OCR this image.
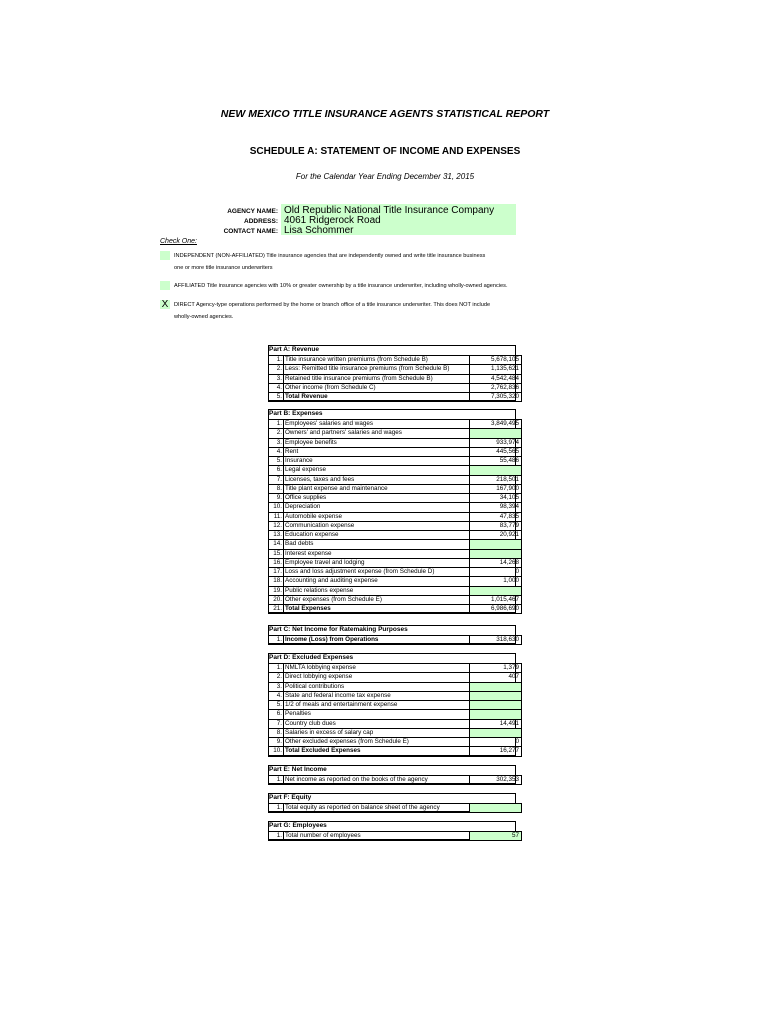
NEW MEXICO TITLE INSURANCE AGENTS STATISTICAL REPORT
SCHEDULE A: STATEMENT OF INCOME AND EXPENSES
For the Calendar Year Ending December 31, 2015
AGENCY NAME:
ADDRESS:
CONTACT NAME:
Old Republic National Title Insurance Company
4061 Ridgerock Road
Lisa Schommer
Check One:
INDEPENDENT (NON-AFFILIATED) Title insurance agencies that are independently owned and write title insurance business
one or more title insurance underwriters
AFFILIATED Title insurance agencies with 10% or greater ownership by a title insurance underwriter, including wholly-owned agencies.
X DIRECT Agency-type operations performed by the home or branch office of a title insurance underwriter. This does NOT include
wholly-owned agencies.
Part A: Revenue
1.	Title insurance written premiums (from Schedule B)	5,678,105
2.	Less: Remitted title insurance premiums (from Schedule B)	1,135,621
3.	Retained title insurance premiums (from Schedule B)	4,542,484
4.	Other income (from Schedule C)	2,762,836
5.	Total Revenue	7,305,320
Part B: Expenses
1.	Employees' salaries and wages	3,849,495
2.	Owners' and partners' salaries and wages	
3.	Employee benefits	933,974
4.	Rent	445,565
5.	Insurance	55,486
6.	Legal expense	
7.	Licenses, taxes and fees	218,501
8.	Title plant expense and maintenance	167,900
9.	Office supplies	34,105
10.	Depreciation	98,394
11.	Automobile expense	47,835
12.	Communication expense	83,779
13.	Education expense	20,921
14.	Bad debts	
15.	Interest expense	
16.	Employee travel and lodging	14,268
17.	Loss and loss adjustment expense (from Schedule D)	0
18.	Accounting and auditing expense	1,000
19.	Public relations expense	
20.	Other expenses (from Schedule E)	1,015,467
21.	Total Expenses	6,986,690
Part C: Net Income for Ratemaking Purposes
1.	Income (Loss) from Operations	318,630
Part D: Excluded Expenses
1.	NMLTA lobbying expense	1,379
2.	Direct lobbying expense	407
3.	Political contributions	
4.	State and federal income tax expense	
5.	1/2 of meals and entertainment expense	
6.	Penalties	
7.	Country club dues	14,491
8.	Salaries in excess of salary cap	
9.	Other excluded expenses (from Schedule E)	0
10.	Total Excluded Expenses	16,277
Part E: Net Income
1.	Net income as reported on the books of the agency	302,353
Part F: Equity
1.	Total equity as reported on balance sheet of the agency	
Part G: Employees
1.	Total number of employees	57
